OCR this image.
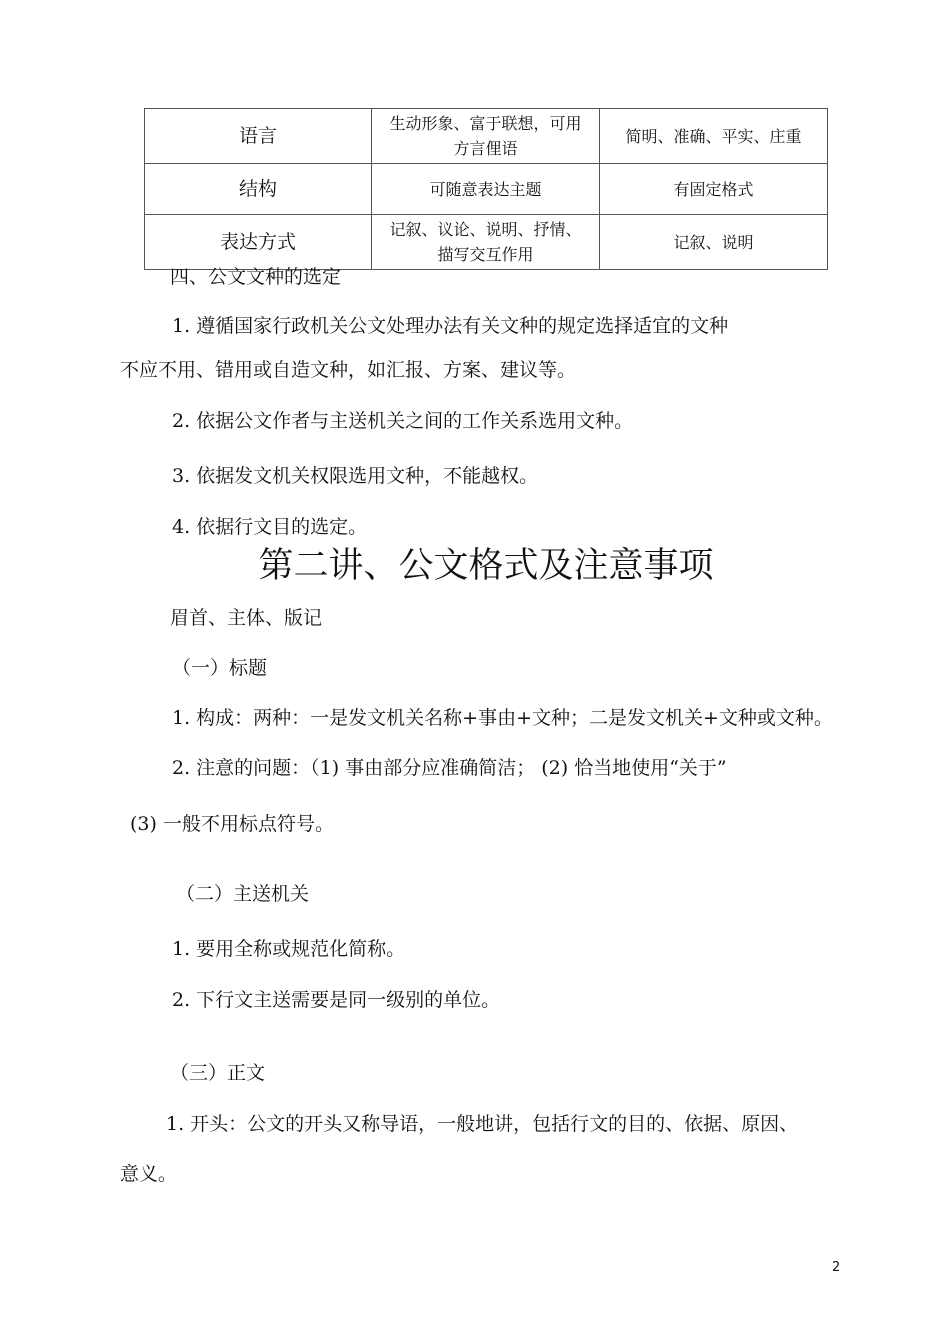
语言	生动形象、富于联想，可用方言俚语	简明、准确、平实、庄重
结构	可随意表达主题	有固定格式
表达方式	记叙、议论、说明、抒情、描写交互作用	记叙、说明
四、公文文种的选定
1. 遵循国家行政机关公文处理办法有关文种的规定选择适宜的文种
不应不用、错用或自造文种，如汇报、方案、建议等。
2. 依据公文作者与主送机关之间的工作关系选用文种。
3. 依据发文机关权限选用文种，不能越权。
4. 依据行文目的选定。
第二讲、公文格式及注意事项
眉首、主体、版记
（一）标题
1. 构成：两种：一是发文机关名称+事由+文种；二是发文机关+文种或文种。
2. 注意的问题：（1) 事由部分应准确简洁； (2) 恰当地使用“关于”
(3) 一般不用标点符号。
（二）主送机关
1. 要用全称或规范化简称。
2. 下行文主送需要是同一级别的单位。
（三）正文
1. 开头：公文的开头又称导语，一般地讲，包括行文的目的、依据、原因、
意义。
2
